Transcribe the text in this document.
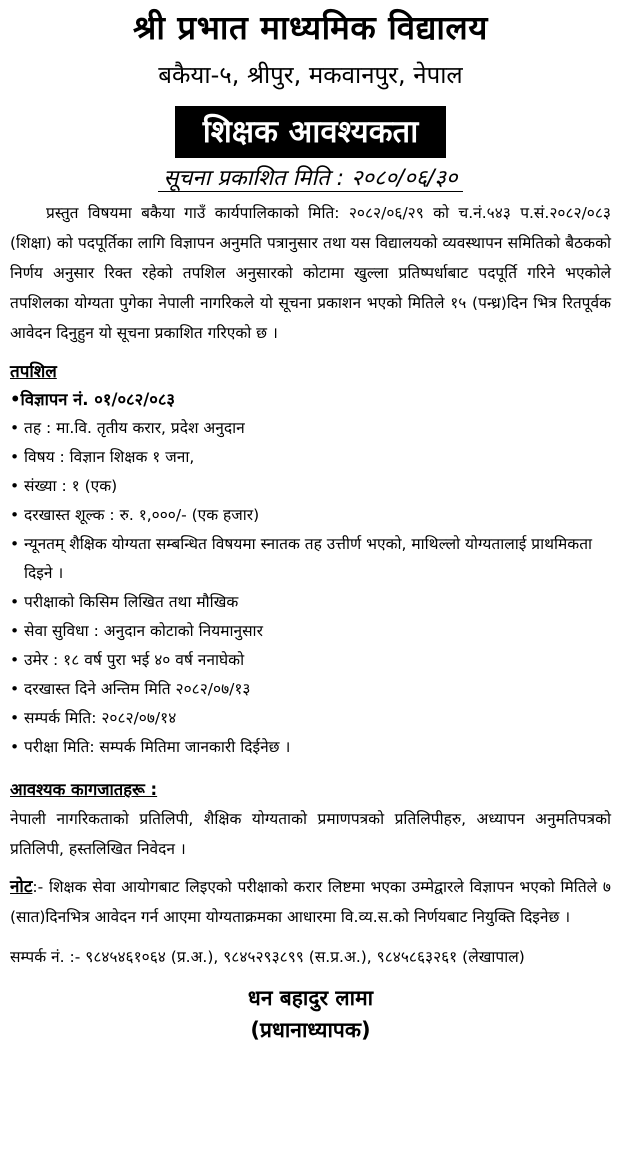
श्री प्रभात माध्यमिक विद्यालय
बकैया-५, श्रीपुर, मकवानपुर, नेपाल
शिक्षक आवश्यकता
सूचना प्रकाशित मिति : २०८०/०६/३०

प्रस्तुत विषयमा बकैया गाउँ कार्यपालिकाको मिति: २०८२/०६/२९ को च.नं.५४३ प.सं.२०८२/०८३ (शिक्षा) को पदपूर्तिका लागि विज्ञापन अनुमति पत्रानुसार तथा यस विद्यालयको व्यवस्थापन समितिको बैठकको निर्णय अनुसार रिक्त रहेको तपशिल अनुसारको कोटामा खुल्ला प्रतिष्पर्धाबाट पदपूर्ति गरिने भएकोले तपशिलका योग्यता पुगेका नेपाली नागरिकले यो सूचना प्रकाशन भएको मितिले १५ (पन्ध्र)दिन भित्र रितपूर्वक आवेदन दिनुहुन यो सूचना प्रकाशित गरिएको छ ।

तपशिल
•विज्ञापन नं. ०१/०८२/०८३
• तह : मा.वि. तृतीय करार, प्रदेश अनुदान
• विषय : विज्ञान शिक्षक १ जना,
• संख्या : १ (एक)
• दरखास्त शूल्क : रु. १,०००/- (एक हजार)
• न्यूनतम् शैक्षिक योग्यता सम्बन्धित विषयमा स्नातक तह उत्तीर्ण भएको, माथिल्लो योग्यतालाई प्राथमिकता दिइने ।
• परीक्षाको किसिम लिखित तथा मौखिक
• सेवा सुविधा : अनुदान कोटाको नियमानुसार
• उमेर : १८ वर्ष पुरा भई ४० वर्ष ननाघेको
• दरखास्त दिने अन्तिम मिति २०८२/०७/१३
• सम्पर्क मिति: २०८२/०७/१४
• परीक्षा मिति: सम्पर्क मितिमा जानकारी दिईनेछ ।
आवश्यक कागजातहरू :

नेपाली नागरिकताको प्रतिलिपी, शैक्षिक योग्यताको प्रमाणपत्रको प्रतिलिपीहरु, अध्यापन अनुमतिपत्रको प्रतिलिपी, हस्तलिखित निवेदन ।

नोट:- शिक्षक सेवा आयोगबाट लिइएको परीक्षाको करार लिष्टमा भएका उम्मेद्वारले विज्ञापन भएको मितिले ७ (सात)दिनभित्र आवेदन गर्न आएमा योग्यताक्रमका आधारमा वि.व्य.स.को निर्णयबाट नियुक्ति दिइनेछ ।

सम्पर्क नं. :- ९८४५४६१०६४ (प्र.अ.), ९८४५२९३८९९ (स.प्र.अ.), ९८४५८६३२६१ (लेखापाल)

धन बहादुर लामा
(प्रधानाध्यापक)
